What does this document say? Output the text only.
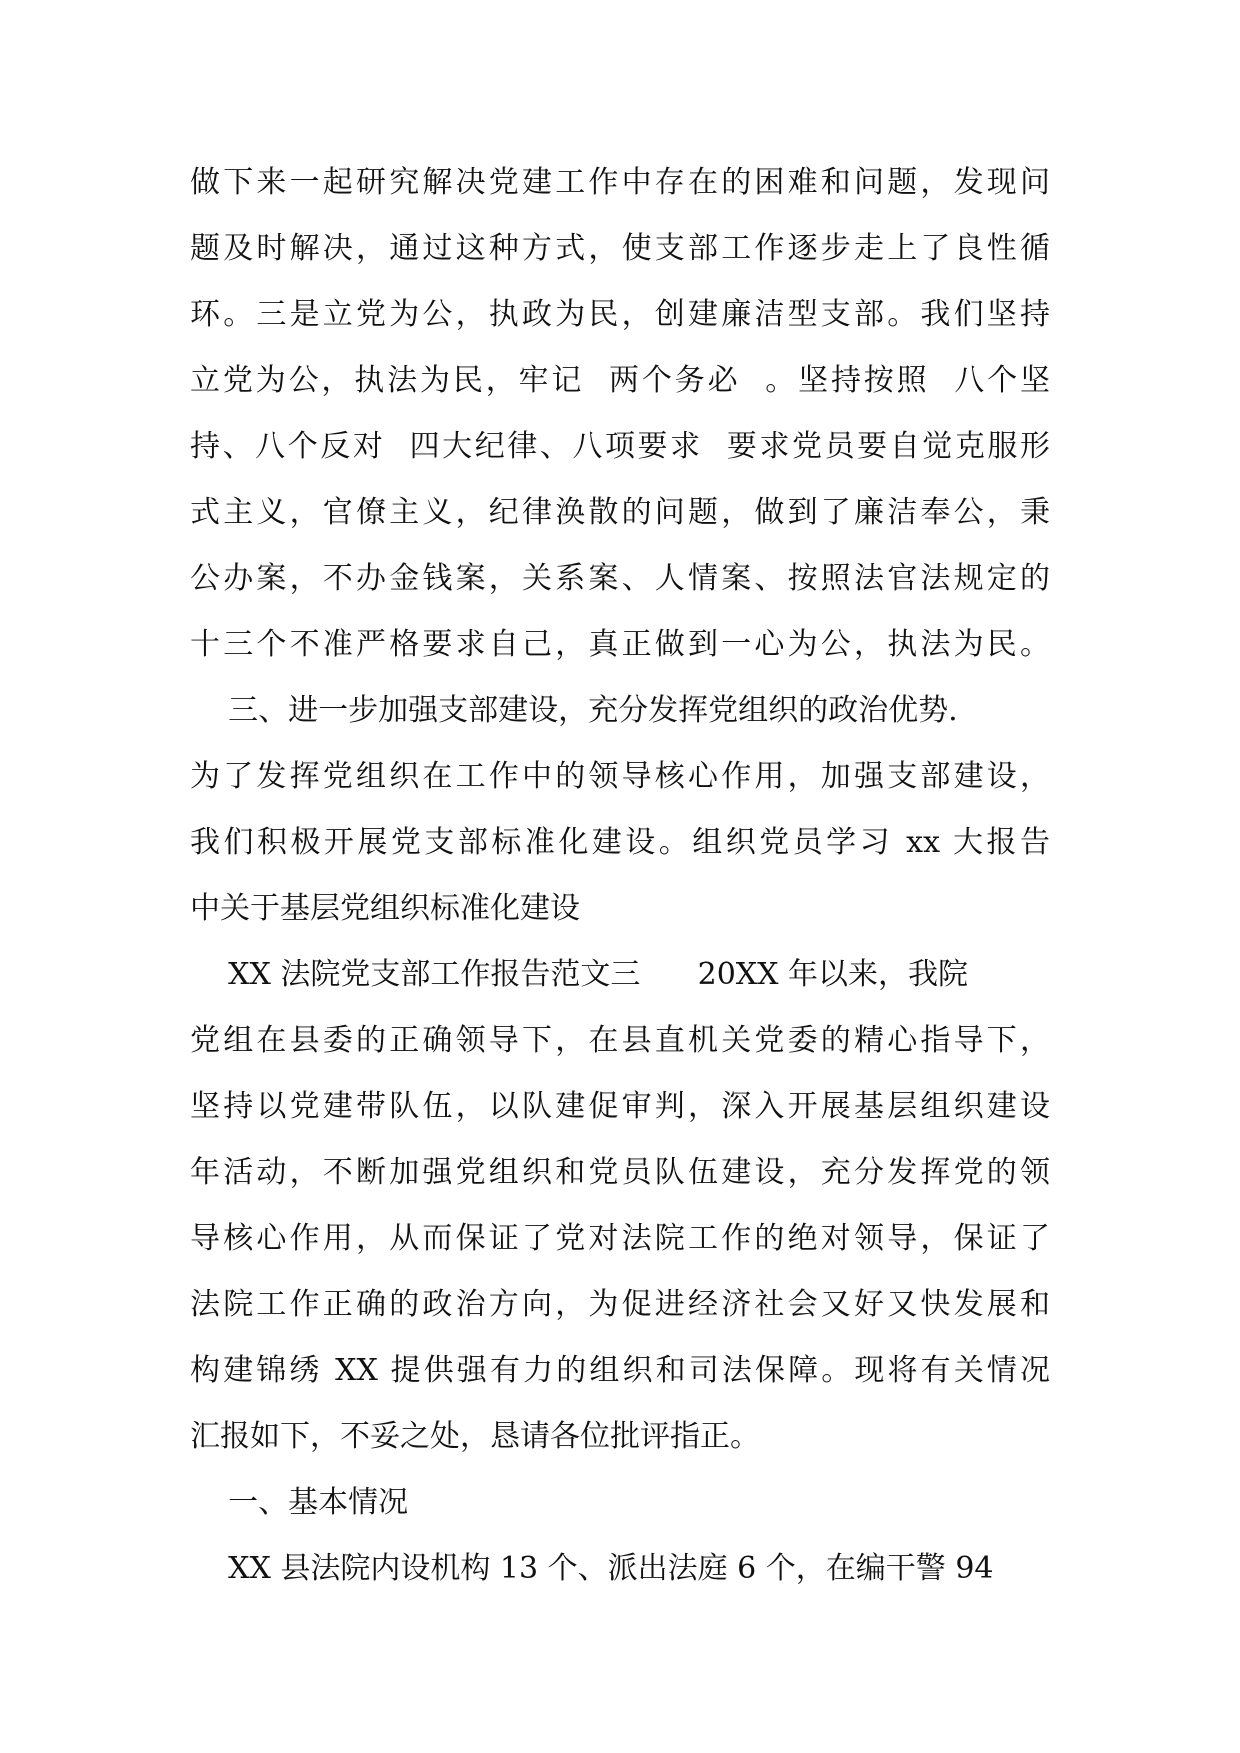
做下来一起研究解决党建工作中存在的困难和问题，发现问
题及时解决，通过这种方式，使支部工作逐步走上了良性循
环。三是立党为公，执政为民，创建廉洁型支部。我们坚持
立党为公，执法为民，牢记  两个务必  。坚持按照  八个坚
持、八个反对  四大纪律、八项要求  要求党员要自觉克服形
式主义，官僚主义，纪律涣散的问题，做到了廉洁奉公，秉
公办案，不办金钱案，关系案、人情案、按照法官法规定的
十三个不准严格要求自己，真正做到一心为公，执法为民。
三、进一步加强支部建设，充分发挥党组织的政治优势.
为了发挥党组织在工作中的领导核心作用，加强支部建设，
我们积极开展党支部标准化建设。组织党员学习 xx 大报告
中关于基层党组织标准化建设
XX 法院党支部工作报告范文三      20XX 年以来，我院
党组在县委的正确领导下，在县直机关党委的精心指导下，
坚持以党建带队伍，以队建促审判，深入开展基层组织建设
年活动，不断加强党组织和党员队伍建设，充分发挥党的领
导核心作用，从而保证了党对法院工作的绝对领导，保证了
法院工作正确的政治方向，为促进经济社会又好又快发展和
构建锦绣 XX 提供强有力的组织和司法保障。现将有关情况
汇报如下，不妥之处，恳请各位批评指正。
一、基本情况
XX 县法院内设机构 13 个、派出法庭 6 个，在编干警 94
